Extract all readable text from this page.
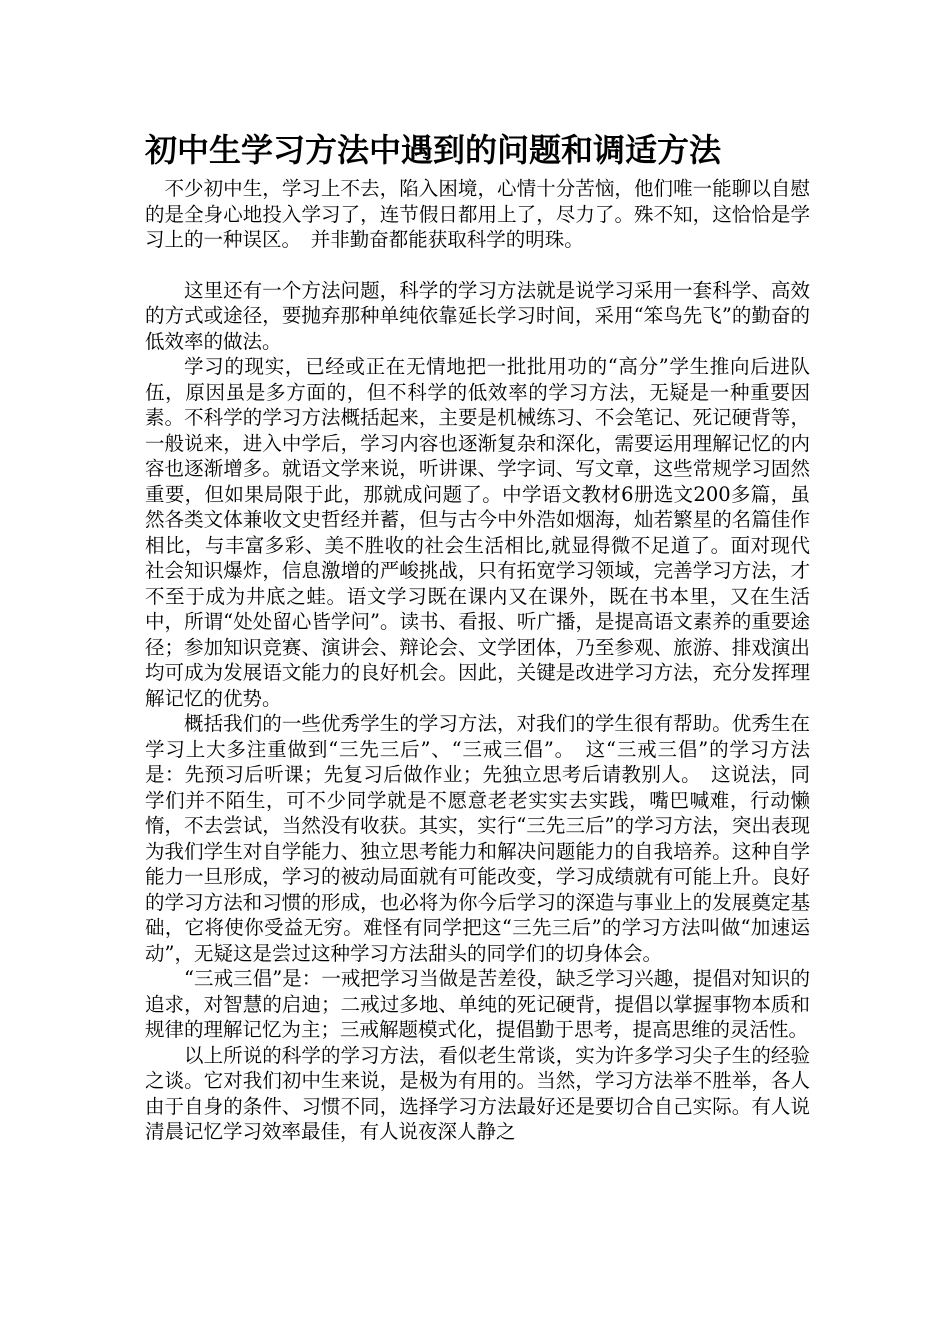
初中生学习方法中遇到的问题和调适方法

不少初中生，学习上不去，陷入困境，心情十分苦恼，他们唯一能聊以自慰的是全身心地投入学习了，连节假日都用上了，尽力了。殊不知，这恰恰是学习上的一种误区。　并非勤奋都能获取科学的明珠。

这里还有一个方法问题，科学的学习方法就是说学习采用一套科学、高效的方式或途径，要抛弃那种单纯依靠延长学习时间，采用“笨鸟先飞”的勤奋的低效率的做法。

学习的现实，已经或正在无情地把一批批用功的“高分”学生推向后进队伍，原因虽是多方面的，但不科学的低效率的学习方法，无疑是一种重要因素。不科学的学习方法概括起来，主要是机械练习、不会笔记、死记硬背等，一般说来，进入中学后，学习内容也逐渐复杂和深化，需要运用理解记忆的内容也逐渐增多。就语文学来说，听讲课、学字词、写文章，这些常规学习固然重要，但如果局限于此，那就成问题了。中学语文教材6册选文200多篇，虽然各类文体兼收文史哲经并蓄，但与古今中外浩如烟海，灿若繁星的名篇佳作相比，与丰富多彩、美不胜收的社会生活相比,就显得微不足道了。面对现代社会知识爆炸，信息激增的严峻挑战，只有拓宽学习领域，完善学习方法，才不至于成为井底之蛙。语文学习既在课内又在课外，既在书本里，又在生活中，所谓“处处留心皆学问”。读书、看报、听广播，是提高语文素养的重要途径；参加知识竞赛、演讲会、辩论会、文学团体，乃至参观、旅游、排戏演出均可成为发展语文能力的良好机会。因此，关键是改进学习方法，充分发挥理解记忆的优势。

概括我们的一些优秀学生的学习方法，对我们的学生很有帮助。优秀生在学习上大多注重做到“三先三后”、“三戒三倡”。　这“三戒三倡”的学习方法是：先预习后听课；先复习后做作业；先独立思考后请教别人。　这说法，同学们并不陌生，可不少同学就是不愿意老老实实去实践，嘴巴喊难，行动懒惰，不去尝试，当然没有收获。其实，实行“三先三后”的学习方法，突出表现为我们学生对自学能力、独立思考能力和解决问题能力的自我培养。这种自学能力一旦形成，学习的被动局面就有可能改变，学习成绩就有可能上升。良好的学习方法和习惯的形成，也必将为你今后学习的深造与事业上的发展奠定基础，它将使你受益无穷。难怪有同学把这“三先三后”的学习方法叫做“加速运动”，无疑这是尝过这种学习方法甜头的同学们的切身体会。

“三戒三倡”是：一戒把学习当做是苦差役，缺乏学习兴趣，提倡对知识的追求，对智慧的启迪；二戒过多地、单纯的死记硬背，提倡以掌握事物本质和规律的理解记忆为主；三戒解题模式化，提倡勤于思考，提高思维的灵活性。

以上所说的科学的学习方法，看似老生常谈，实为许多学习尖子生的经验之谈。它对我们初中生来说，是极为有用的。当然，学习方法举不胜举，各人由于自身的条件、习惯不同，选择学习方法最好还是要切合自己实际。有人说清晨记忆学习效率最佳，有人说夜深人静之
